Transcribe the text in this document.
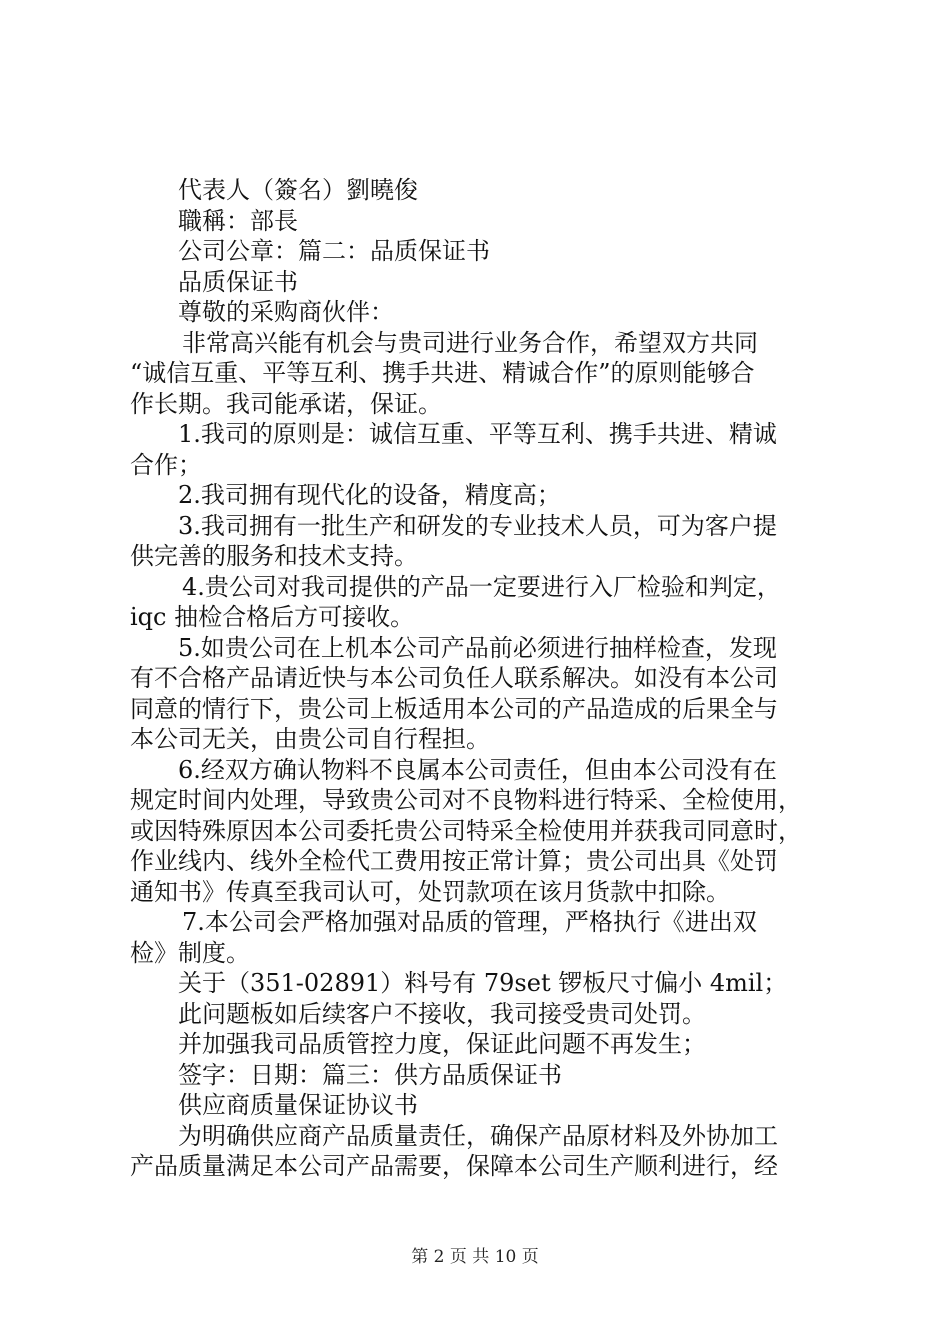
代表人（簽名）劉曉俊
職稱：部長
公司公章：篇二：品质保证书
品质保证书
尊敬的采购商伙伴：
非常高兴能有机会与贵司进行业务合作，希望双方共同
“诚信互重、平等互利、携手共进、精诚合作”的原则能够合
作长期。我司能承诺，保证。
1.我司的原则是：诚信互重、平等互利、携手共进、精诚
合作；
2.我司拥有现代化的设备，精度高；
3.我司拥有一批生产和研发的专业技术人员，可为客户提
供完善的服务和技术支持。
4.贵公司对我司提供的产品一定要进行入厂检验和判定，
iqc 抽检合格后方可接收。
5.如贵公司在上机本公司产品前必须进行抽样检查，发现
有不合格产品请近快与本公司负任人联系解决。如没有本公司
同意的情行下，贵公司上板适用本公司的产品造成的后果全与
本公司无关，由贵公司自行程担。
6.经双方确认物料不良属本公司责任，但由本公司没有在
规定时间内处理，导致贵公司对不良物料进行特采、全检使用，
或因特殊原因本公司委托贵公司特采全检使用并获我司同意时，
作业线内、线外全检代工费用按正常计算；贵公司出具《处罚
通知书》传真至我司认可，处罚款项在该月货款中扣除。
7.本公司会严格加强对品质的管理，严格执行《进出双
检》制度。
关于（351-02891）料号有 79set 锣板尺寸偏小 4mil；
此问题板如后续客户不接收，我司接受贵司处罚。
并加强我司品质管控力度，保证此问题不再发生；
签字：日期：篇三：供方品质保证书
供应商质量保证协议书
为明确供应商产品质量责任，确保产品原材料及外协加工
产品质量满足本公司产品需要，保障本公司生产顺利进行，经
第 2 页 共 10 页
